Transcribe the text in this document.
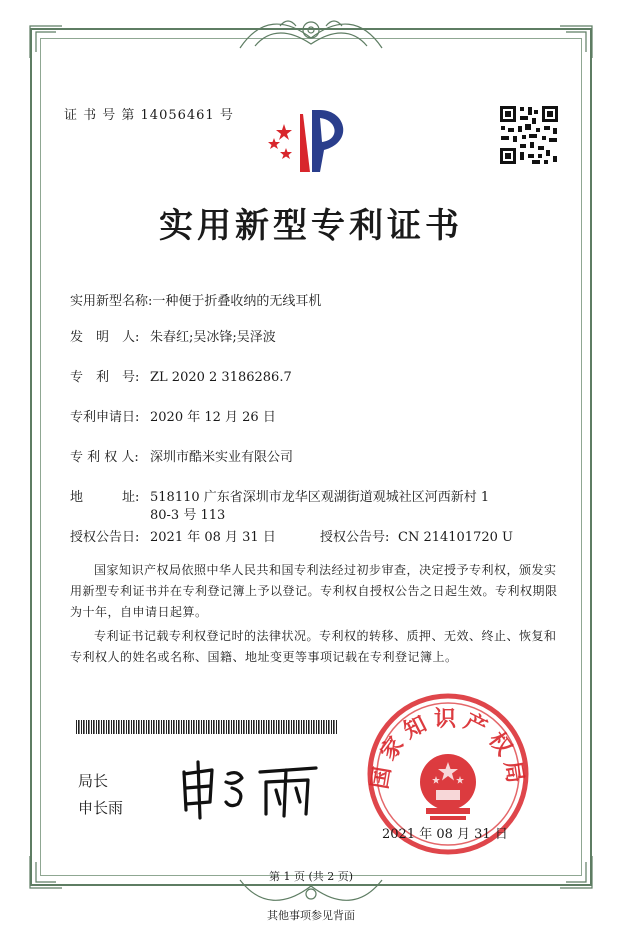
证 书 号 第 14056461 号
实用新型专利证书
实用新型名称:一种便于折叠收纳的无线耳机
发　明　人: 朱春红;吴冰锋;吴泽波
专　利　号: ZL 2020 2 3186286.7
专利申请日: 2020 年 12 月 26 日
专 利 权 人: 深圳市酷米实业有限公司
地　　　址: 518110 广东省深圳市龙华区观湖街道观城社区河西新村 1
80-3 号 113
授权公告日: 2021 年 08 月 31 日	授权公告号: CN 214101720 U
国家知识产权局依照中华人民共和国专利法经过初步审查，决定授予专利权，颁发实用新型专利证书并在专利登记簿上予以登记。专利权自授权公告之日起生效。专利权期限为十年，自申请日起算。
专利证书记载专利权登记时的法律状况。专利权的转移、质押、无效、终止、恢复和专利权人的姓名或名称、国籍、地址变更等事项记载在专利登记簿上。
局长
申长雨
国家知识产权局
2021 年 08 月 31 日
第 1 页 (共 2 页)
其他事项参见背面
